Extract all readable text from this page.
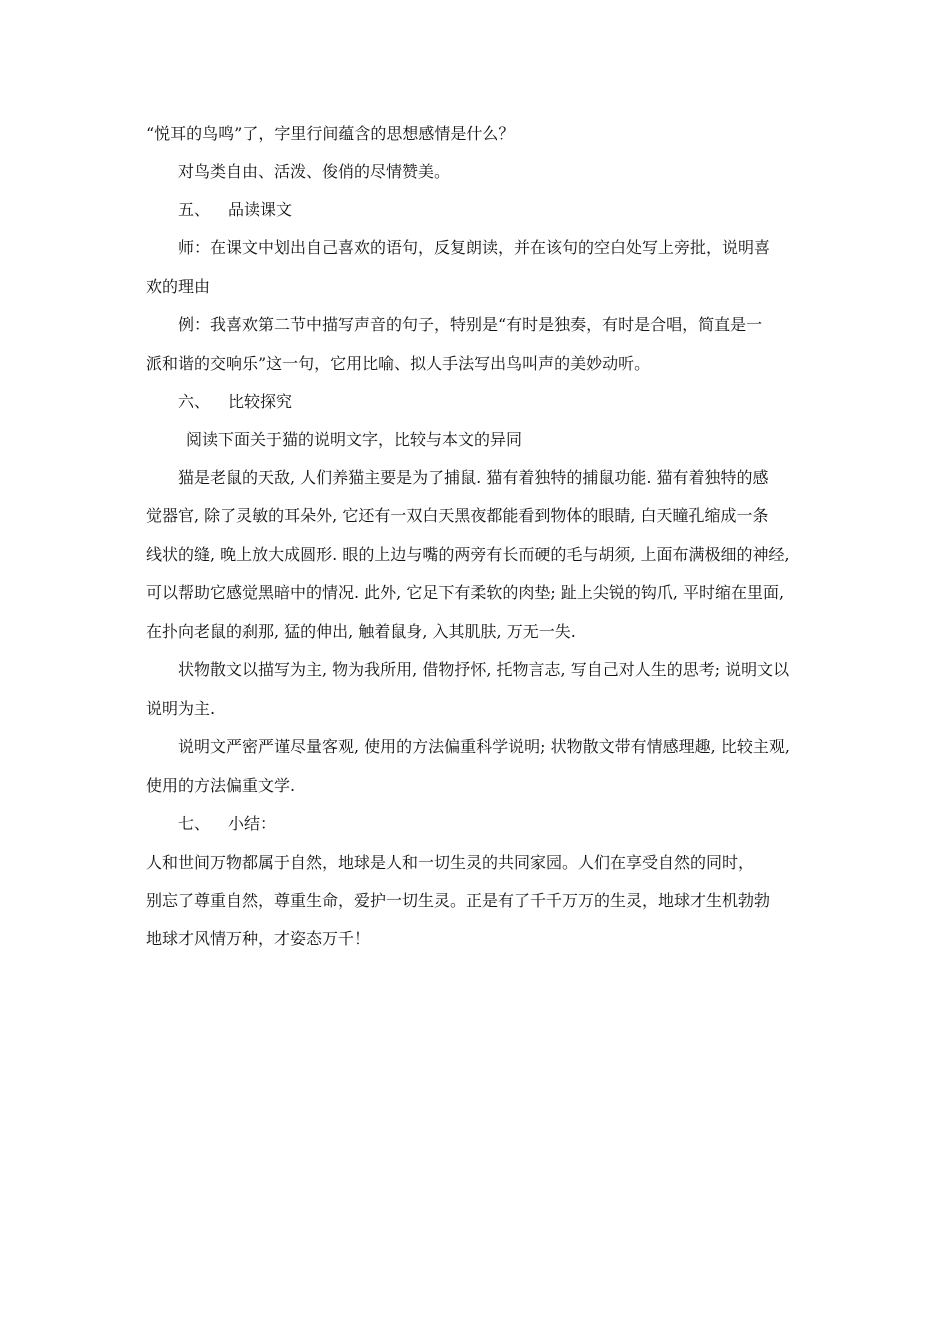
“悦耳的鸟鸣”了，字里行间蕴含的思想感情是什么？
对鸟类自由、活泼、俊俏的尽情赞美。
五、 品读课文
师：在课文中划出自己喜欢的语句，反复朗读，并在该句的空白处写上旁批，说明喜
欢的理由
例：我喜欢第二节中描写声音的句子，特别是“有时是独奏，有时是合唱，简直是一
派和谐的交响乐”这一句，它用比喻、拟人手法写出鸟叫声的美妙动听。
六、 比较探究
阅读下面关于猫的说明文字，比较与本文的异同
猫是老鼠的天敌, 人们养猫主要是为了捕鼠. 猫有着独特的捕鼠功能. 猫有着独特的感
觉器官, 除了灵敏的耳朵外, 它还有一双白天黑夜都能看到物体的眼睛, 白天瞳孔缩成一条
线状的缝, 晚上放大成圆形. 眼的上边与嘴的两旁有长而硬的毛与胡须, 上面布满极细的神经,
可以帮助它感觉黑暗中的情况. 此外, 它足下有柔软的肉垫; 趾上尖锐的钩爪, 平时缩在里面,
在扑向老鼠的刹那, 猛的伸出, 触着鼠身, 入其肌肤, 万无一失.
状物散文以描写为主, 物为我所用, 借物抒怀, 托物言志, 写自己对人生的思考; 说明文以
说明为主.
说明文严密严谨尽量客观, 使用的方法偏重科学说明; 状物散文带有情感理趣, 比较主观,
使用的方法偏重文学.
七、 小结：
人和世间万物都属于自然，地球是人和一切生灵的共同家园。人们在享受自然的同时，
别忘了尊重自然，尊重生命，爱护一切生灵。正是有了千千万万的生灵，地球才生机勃勃
地球才风情万种，才姿态万千！
